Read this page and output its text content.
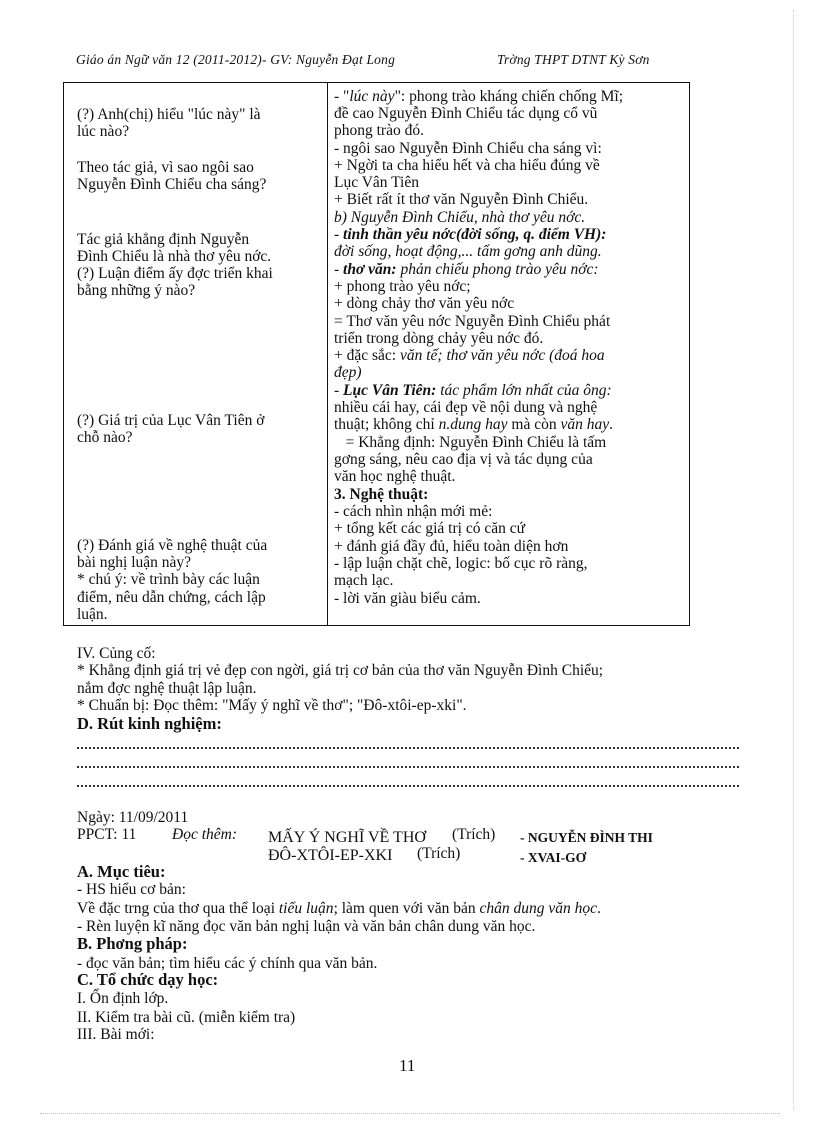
Giáo án Ngữ văn 12 (2011-2012)- GV: Nguyễn Đạt Long	Trờng THPT DTNT Kỳ Sơn
(?) Anh(chị) hiểu "lúc này" là
lúc nào?
Theo tác giả, vì sao ngôi sao
Nguyễn Đình Chiểu cha sáng?
Tác giả khẳng định Nguyễn
Đình Chiểu là nhà thơ yêu nớc.
(?) Luận điểm ấy đợc triển khai
bằng những ý nào?
(?) Giá trị của Lục Vân Tiên ở
chỗ nào?
(?) Đánh giá về nghệ thuật của
bài nghị luận này?
* chú ý: về trình bày các luận
điểm, nêu dẫn chứng, cách lập
luận.
- "lúc này": phong trào kháng chiến chống Mĩ;
đề cao Nguyễn Đình Chiểu tác dụng cổ vũ
phong trào đó.
- ngôi sao Nguyễn Đình Chiểu cha sáng vì:
+ Ngời ta cha hiểu hết và cha hiểu đúng về
Lục Vân Tiên
+ Biết rất ít thơ văn Nguyễn Đình Chiểu.
b) Nguyễn Đình Chiểu, nhà thơ yêu nớc.
- tinh thần yêu nớc(đời sống, q. điểm VH):
đời sống, hoạt động,... tấm gơng anh dũng.
- thơ văn: phản chiếu phong trào yêu nớc:
+ phong trào yêu nớc;
+ dòng chảy thơ văn yêu nớc
= Thơ văn yêu nớc Nguyễn Đình Chiểu phát
triển trong dòng chảy yêu nớc đó.
+ đặc sắc: văn tế; thơ văn yêu nớc (đoá hoa
đẹp)
- Lục Vân Tiên: tác phẩm lớn nhất của ông:
nhiều cái hay, cái đẹp về nội dung và nghệ
thuật; không chỉ n.dung hay mà còn văn hay.
= Khẳng định: Nguyễn Đình Chiểu là tấm
gơng sáng, nêu cao địa vị và tác dụng của
văn học nghệ thuật.
3. Nghệ thuật:
- cách nhìn nhận mới mẻ:
+ tổng kết các giá trị có căn cứ
+ đánh giá đầy đủ, hiểu toàn diện hơn
- lập luận chặt chẽ, logic: bố cục rõ ràng,
mạch lạc.
- lời văn giàu biểu cảm.
IV. Củng cố:
* Khẳng định giá trị vẻ đẹp con ngời, giá trị cơ bản của thơ văn Nguyễn Đình Chiểu;
nắm đợc nghệ thuật lập luận.
* Chuẩn bị: Đọc thêm: "Mấy ý nghĩ về thơ"; "Đô-xtôi-ep-xki".
D. Rút kinh nghiệm:
Ngày: 11/09/2011
PPCT: 11 Đọc thêm: MẤY Ý NGHĨ VỀ THƠ (Trích) - NGUYỄN ĐÌNH THI
ĐÔ-XTÔI-EP-XKI (Trích)	- XVAI-GƠ
A. Mục tiêu:
- HS hiểu cơ bản:
Về đặc trng của thơ qua thể loại tiểu luận; làm quen với văn bản chân dung văn học.
- Rèn luyện kĩ năng đọc văn bản nghị luận và văn bản chân dung văn học.
B. Phơng pháp:
- đọc văn bản; tìm hiểu các ý chính qua văn bản.
C. Tổ chức dạy học:
I. Ổn định lớp.
II. Kiểm tra bài cũ. (miễn kiểm tra)
III. Bài mới:
11
